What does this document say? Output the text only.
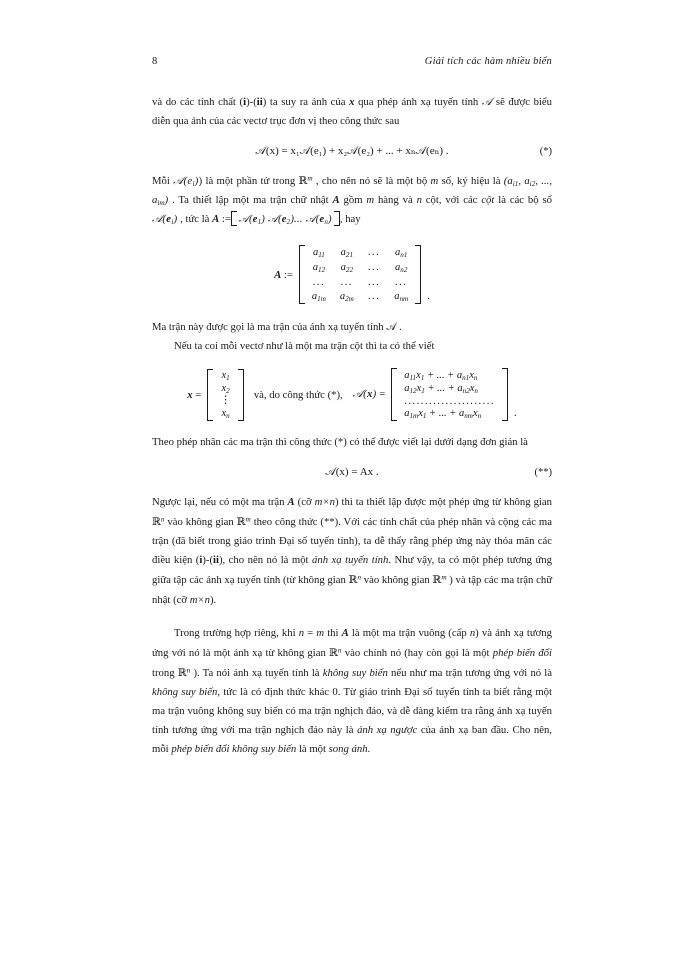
8	Giải tích các hàm nhiều biến

và do các tính chất (i)-(ii) ta suy ra ảnh của x qua phép ánh xạ tuyến tính 𝒜 sẽ được biểu diễn qua ảnh của các vectơ trục đơn vị theo công thức sau

𝒜(x) = x₁𝒜(e₁) + x₂𝒜(e₂) + ... + xₙ𝒜(eₙ) .	(*)

Mỗi $𝒜(e_i)$) là một phần tử trong ℝ$^m$ , cho nên nó sẽ là một bộ m số, ký hiệu là ($a_{i1}$, $a_{i2}$, ..., $a_{im}$) . Ta thiết lập một ma trận chữ nhật A gồm m hàng và n cột, với các cột là các bộ số $𝒜(e_i)$ , tức là A := $𝒜(e_1)$ $𝒜(e_2)$... $𝒜(e_n)$ , hay

A :=
$a_{11}$	$a_{21}$	...	$a_{n1}$
$a_{12}$	$a_{22}$	...	$a_{n2}$
...	...	...	...
$a_{1m}$	$a_{2m}$	...	$a_{nm}$ .

Ma trận này được gọi là ma trận của ánh xạ tuyến tính 𝒜 .

Nếu ta coi mỗi vectơ như là một ma trận cột thì ta có thể viết

x =
$x_1$
$x_2$
⋮
$x_n$
và, do công thức (*), 𝒜(x) =
$a_{11}x_1$ + ... + $a_{n1}x_n$
$a_{12}x_1$ + ... + $a_{n2}x_n$
......................
$a_{1m}x_1$ + ... + $a_{nm}x_n$	.

Theo phép nhân các ma trận thì công thức (*) có thể được viết lại dưới dạng đơn giản là

𝒜(x) = Ax .	(**)

Ngược lại, nếu có một ma trận A (cỡ m×n) thì ta thiết lập được một phép ứng từ không gian ℝ$^n$ vào không gian ℝ$^m$ theo công thức (**). Với các tính chất của phép nhân và cộng các ma trận (đã biết trong giáo trình Đại số tuyến tính), ta dễ thấy rằng phép ứng này thỏa mãn các điều kiện (i)-(ii), cho nên nó là một ánh xạ tuyến tính. Như vậy, ta có một phép tương ứng giữa tập các ánh xạ tuyến tính (từ không gian ℝ$^n$ vào không gian ℝ$^m$ ) và tập các ma trận chữ nhật (cỡ m×n).

Trong trường hợp riêng, khi n = m thì A là một ma trận vuông (cấp n) và ánh xạ tương ứng với nó là một ánh xạ từ không gian ℝ$^n$ vào chính nó (hay còn gọi là một phép biến đổi trong ℝ$^n$ ). Ta nói ánh xạ tuyến tính là không suy biến nếu như ma trận tương ứng với nó là không suy biến, tức là có định thức khác 0. Từ giáo trình Đại số tuyến tính ta biết rằng một ma trận vuông không suy biến có ma trận nghịch đảo, và dễ dàng kiểm tra rằng ánh xạ tuyến tính tương ứng với ma trận nghịch đảo này là ánh xạ ngược của ánh xạ ban đầu. Cho nên, mỗi phép biến đổi không suy biến là một song ánh.
